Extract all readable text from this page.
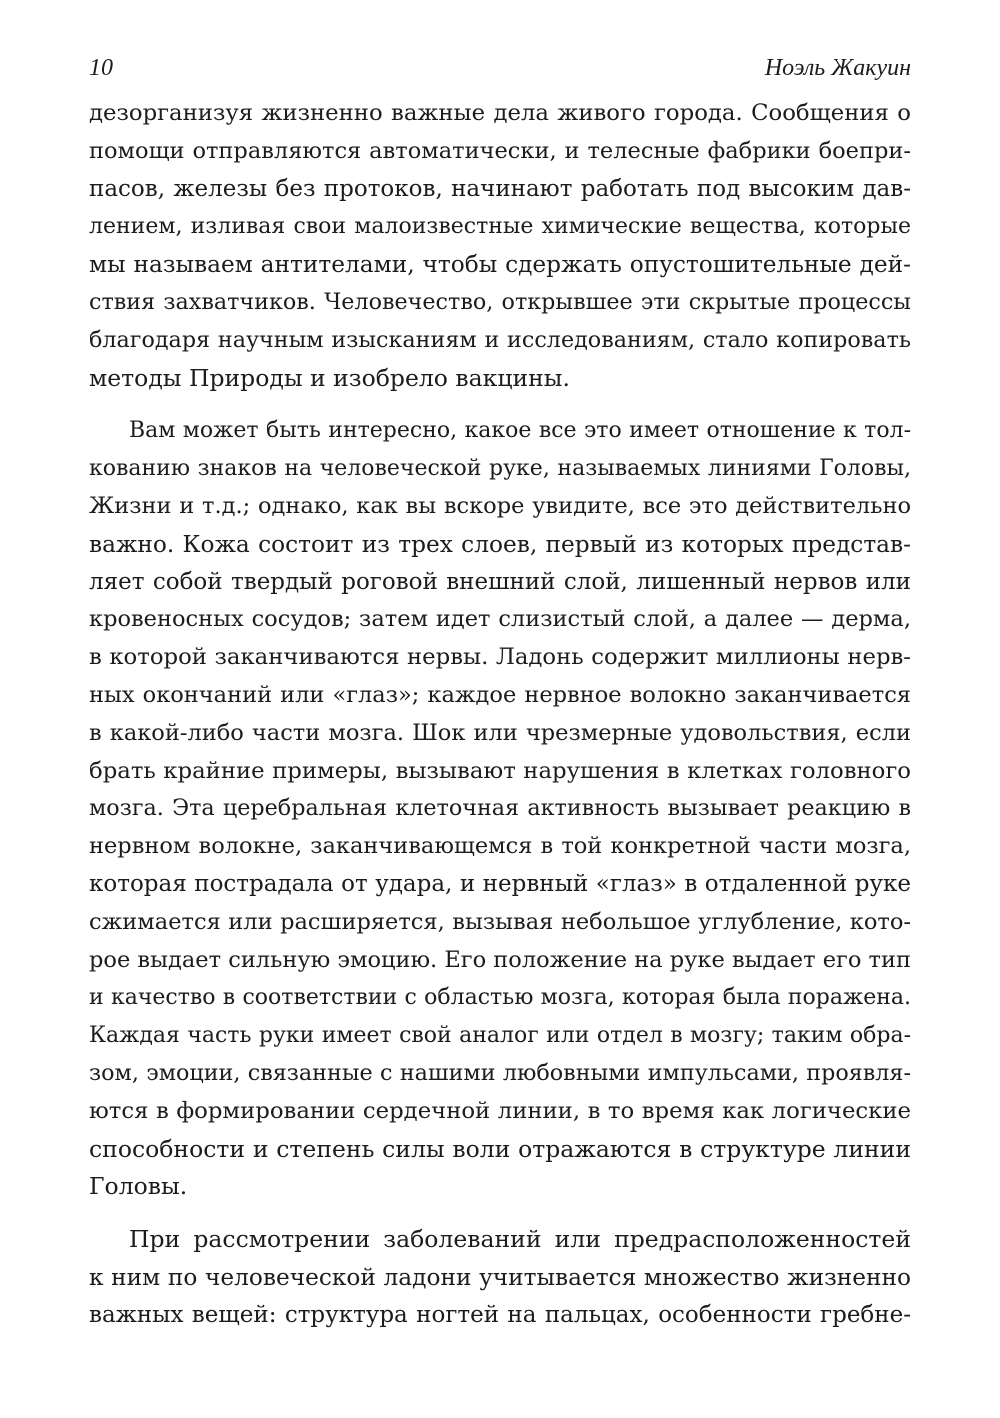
10	Ноэль Жакуин
дезорганизуя жизненно важные дела живого города. Сообщения о
помощи отправляются автоматически, и телесные фабрики боепри-
пасов, железы без протоков, начинают работать под высоким дав-
лением, изливая свои малоизвестные химические вещества, которые
мы называем антителами, чтобы сдержать опустошительные дей-
ствия захватчиков. Человечество, открывшее эти скрытые процессы
благодаря научным изысканиям и исследованиям, стало копировать
методы Природы и изобрело вакцины.
Вам может быть интересно, какое все это имеет отношение к тол-
кованию знаков на человеческой руке, называемых линиями Головы,
Жизни и т.д.; однако, как вы вскоре увидите, все это действительно
важно. Кожа состоит из трех слоев, первый из которых представ-
ляет собой твердый роговой внешний слой, лишенный нервов или
кровеносных сосудов; затем идет слизистый слой, а далее — дерма,
в которой заканчиваются нервы. Ладонь содержит миллионы нерв-
ных окончаний или «глаз»; каждое нервное волокно заканчивается
в какой-либо части мозга. Шок или чрезмерные удовольствия, если
брать крайние примеры, вызывают нарушения в клетках головного
мозга. Эта церебральная клеточная активность вызывает реакцию в
нервном волокне, заканчивающемся в той конкретной части мозга,
которая пострадала от удара, и нервный «глаз» в отдаленной руке
сжимается или расширяется, вызывая небольшое углубление, кото-
рое выдает сильную эмоцию. Его положение на руке выдает его тип
и качество в соответствии с областью мозга, которая была поражена.
Каждая часть руки имеет свой аналог или отдел в мозгу; таким обра-
зом, эмоции, связанные с нашими любовными импульсами, проявля-
ются в формировании сердечной линии, в то время как логические
способности и степень силы воли отражаются в структуре линии
Головы.
При рассмотрении заболеваний или предрасположенностей
к ним по человеческой ладони учитывается множество жизненно
важных вещей: структура ногтей на пальцах, особенности гребне-
